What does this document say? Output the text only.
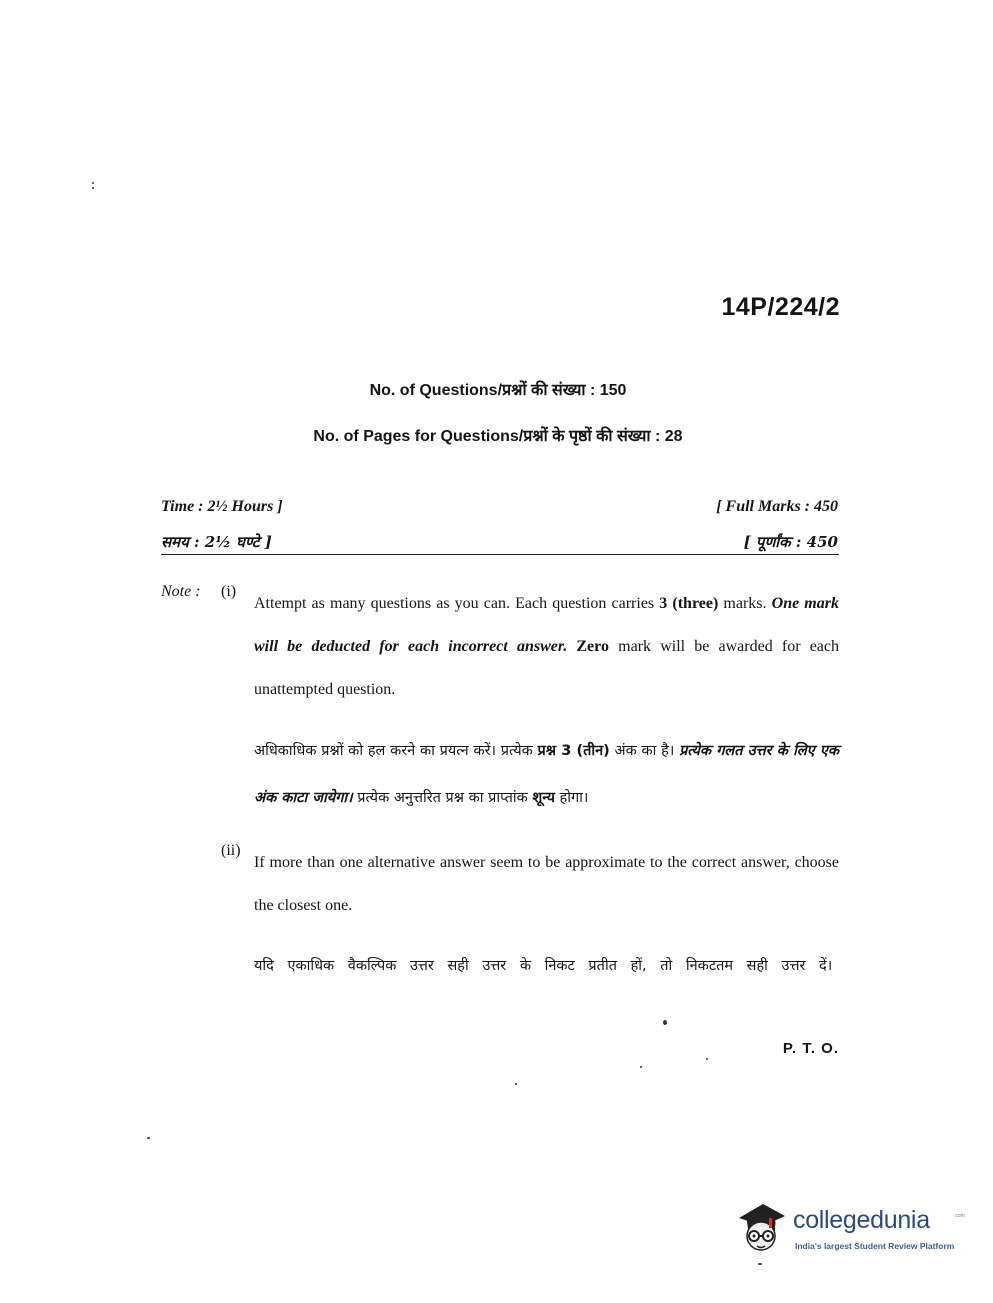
14P/224/2
No. of Questions/प्रश्नों की संख्या : 150
No. of Pages for Questions/प्रश्नों के पृष्ठों की संख्या : 28
Time : 2½ Hours ]
समय : 2½ घण्टे ]
[ Full Marks : 450
[ पूर्णांक : 450
Note : (i)
Attempt as many questions as you can. Each question carries 3 (three) marks. One mark will be deducted for each incorrect answer. Zero mark will be awarded for each unattempted question.
अधिकाधिक प्रश्नों को हल करने का प्रयत्न करें। प्रत्येक प्रश्न 3 (तीन) अंक का है। प्रत्येक गलत उत्तर के लिए एक अंक काटा जायेगा। प्रत्येक अनुत्तरित प्रश्न का प्राप्तांक शून्य होगा।
(ii)
If more than one alternative answer seem to be approximate to the correct answer, choose the closest one.
यदि एकाधिक वैकल्पिक उत्तर सही उत्तर के निकट प्रतीत हों, तो निकटतम सही उत्तर दें।
P. T. O.
collegedunia	.com
India's largest Student Review Platform
